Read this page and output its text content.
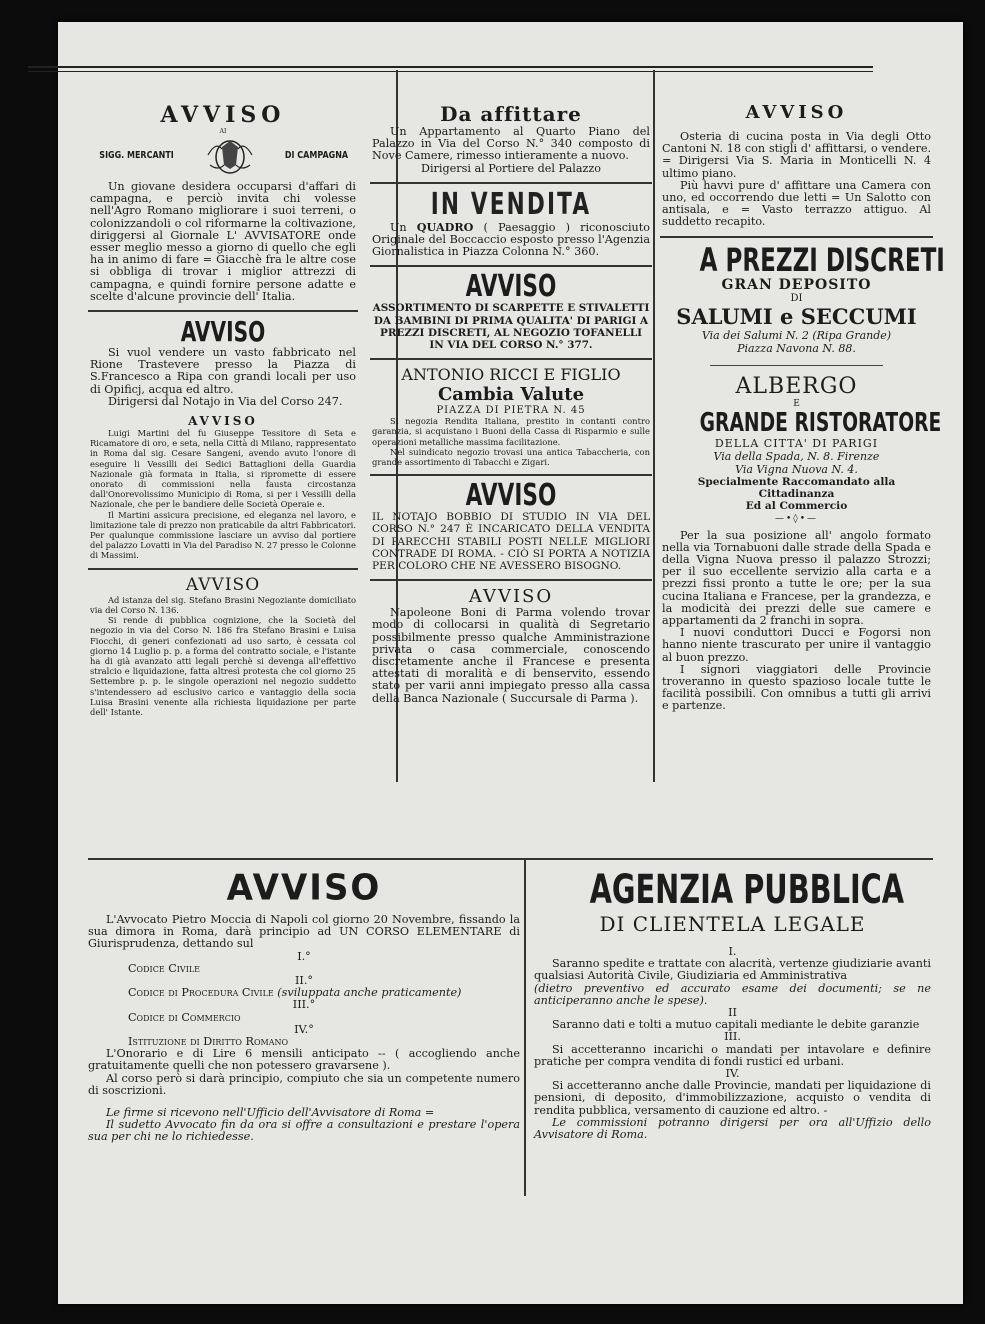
AVVISO
AI
SIGG. MERCANTI	DI CAMPAGNA

Un giovane desidera occuparsi d'affari di campagna, e perciò invita chi volesse nell'Agro Romano migliorare i suoi terreni, o colonizzandoli o col riformarne la coltivazione, diriggersi al Giornale L' AVVISATORE onde esser meglio messo a giorno di quello che egli ha in animo di fare = Giacchè fra le altre cose si obbliga di trovar i miglior attrezzi di campagna, e quindi fornire persone adatte e scelte d'alcune provincie dell' Italia.

AVVISO

Si vuol vendere un vasto fabbricato nel Rione Trastevere presso la Piazza di S.Francesco a Ripa con grandi locali per uso di Opificj, acqua ed altro.

Dirigersi dal Notajo in Via del Corso 247.

AVVISO

Luigi Martini del fu Giuseppe Tessitore di Seta e Ricamatore di oro, e seta, nella Città di Milano, rappresentato in Roma dal sig. Cesare Sangeni, avendo avuto l'onore di eseguire li Vessilli dei Sedici Battaglioni della Guardia Nazionale già formata in Italia, si ripromette di essere onorato di commissioni nella fausta circostanza dall'Onorevolissimo Municipio di Roma, si per i Vessilli della Nazionale, che per le bandiere delle Società Operaie e.

Il Martini assicura precisione, ed eleganza nel lavoro, e limitazione tale di prezzo non praticabile da altri Fabbricatori. Per qualunque commissione lasciare un avviso dal portiere del palazzo Lovatti in Via del Paradiso N. 27 presso le Colonne di Massimi.

AVVISO

Ad istanza del sig. Stefano Brasini Negoziante domiciliato via del Corso N. 136.

Si rende di pubblica cognizione, che la Società del negozio in via del Corso N. 186 fra Stefano Brasini e Luisa Fiocchi, di generi confezionati ad uso sarto, è cessata col giorno 14 Luglio p. p. a forma del contratto sociale, e l'istante ha di già avanzato atti legali perchè si devenga all'effettivo stralcio e liquidazione, fatta altresì protesta che col giorno 25 Settembre p. p. le singole operazioni nel negozio suddetto s'intendessero ad esclusivo carico e vantaggio della socia Luisa Brasini venente alla richiesta liquidazione per parte dell' Istante.

Da affittare

Un Appartamento al Quarto Piano del Palazzo in Via del Corso N.° 340 composto di Nove Camere, rimesso intieramente a nuovo.

Dirigersi al Portiere del Palazzo

IN VENDITA

Un QUADRO ( Paesaggio ) riconosciuto Originale del Boccaccio esposto presso l'Agenzia Giornalistica in Piazza Colonna N.° 360.

AVVISO

ASSORTIMENTO DI SCARPETTE E STIVALETTI DA BAMBINI DI PRIMA QUALITA' DI PARIGI A PREZZI DISCRETI, AL NEGOZIO TOFANELLI IN VIA DEL CORSO N.° 377.

ANTONIO RICCI E FIGLIO
Cambia Valute
PIAZZA DI PIETRA N. 45

Si negozia Rendita Italiana, prestito in contanti contro garanzia, si acquistano i Buoni della Cassa di Risparmio e sulle operazioni metalliche massima facilitazione.

Nel suindicato negozio trovasi una antica Tabaccheria, con grande assortimento di Tabacchi e Zigari.

AVVISO

IL NOTAJO BOBBIO DI STUDIO IN VIA DEL CORSO N.° 247 È INCARICATO DELLA VENDITA DI PARECCHI STABILI POSTI NELLE MIGLIORI CONTRADE DI ROMA. - CIÒ SI PORTA A NOTIZIA PER COLORO CHE NE AVESSERO BISOGNO.

AVVISO

Napoleone Boni di Parma volendo trovar modo di collocarsi in qualità di Segretario possibilmente presso qualche Amministrazione privata o casa commerciale, conoscendo discretamente anche il Francese e presenta attestati di moralità e di benservito, essendo stato per varii anni impiegato presso alla cassa della Banca Nazionale ( Succursale di Parma ).

AVVISO

Osteria di cucina posta in Via degli Otto Cantoni N. 18 con stigli d' affittarsi, o vendere. = Dirigersi Via S. Maria in Monticelli N. 4 ultimo piano.

Più havvi pure d' affittare una Camera con uno, ed occorrendo due letti = Un Salotto con antisala, e = Vasto terrazzo attiguo. Al suddetto recapito.

A PREZZI DISCRETI
GRAN DEPOSITO
DI
SALUMI e SECCUMI
Via dei Salumi N. 2 (Ripa Grande)
Piazza Navona N. 88.
ALBERGO
E
GRANDE RISTORATORE
DELLA CITTA' DI PARIGI
Via della Spada, N. 8. Firenze
Via Vigna Nuova N. 4.
Specialmente Raccomandato alla Cittadinanza
Ed al Commercio
—•◊•—

Per la sua posizione all' angolo formato nella via Tornabuoni dalle strade della Spada e della Vigna Nuova presso il palazzo Strozzi; per il suo eccellente servizio alla carta e a prezzi fissi pronto a tutte le ore; per la sua cucina Italiana e Francese, per la grandezza, e la modicità dei prezzi delle sue camere e appartamenti da 2 franchi in sopra.

I nuovi conduttori Ducci e Fogorsi non hanno niente trascurato per unire il vantaggio al buon prezzo.

I signori viaggiatori delle Provincie troveranno in questo spazioso locale tutte le facilità possibili. Con omnibus a tutti gli arrivi e partenze.

AVVISO

L'Avvocato Pietro Moccia di Napoli col giorno 20 Novembre, fissando la sua dimora in Roma, darà principio ad UN CORSO ELEMENTARE di Giurisprudenza, dettando sul

I.°
Codice Civile
II.°
Codice di Procedura Civile (sviluppata anche praticamente)
III.°
Codice di Commercio
IV.°
Istituzione di Diritto Romano

L'Onorario e di Lire 6 mensili anticipato -- ( accogliendo anche gratuitamente quelli che non potessero gravarsene ).

Al corso però si darà principio, compiuto che sia un competente numero di soscrizioni.

Le firme si ricevono nell'Ufficio dell'Avvisatore di Roma =

Il sudetto Avvocato fin da ora si offre a consultazioni e prestare l'opera sua per chi ne lo richiedesse.

AGENZIA PUBBLICA
DI CLIENTELA LEGALE
I.

Saranno spedite e trattate con alacrità, vertenze giudiziarie avanti qualsiasi Autorità Civile, Giudiziaria ed Amministrativa

(dietro preventivo ed accurato esame dei documenti; se ne anticiperanno anche le spese).

II

Saranno dati e tolti a mutuo capitali mediante le debite garanzie

III.

Si accetteranno incarichi o mandati per intavolare e definire pratiche per compra vendita di fondi rustici ed urbani.

IV.

Si accetteranno anche dalle Provincie, mandati per liquidazione di pensioni, di deposito, d'immobilizzazione, acquisto o vendita di rendita pubblica, versamento di cauzione ed altro. -

Le commissioni potranno dirigersi per ora all'Uffizio dello Avvisatore di Roma.
